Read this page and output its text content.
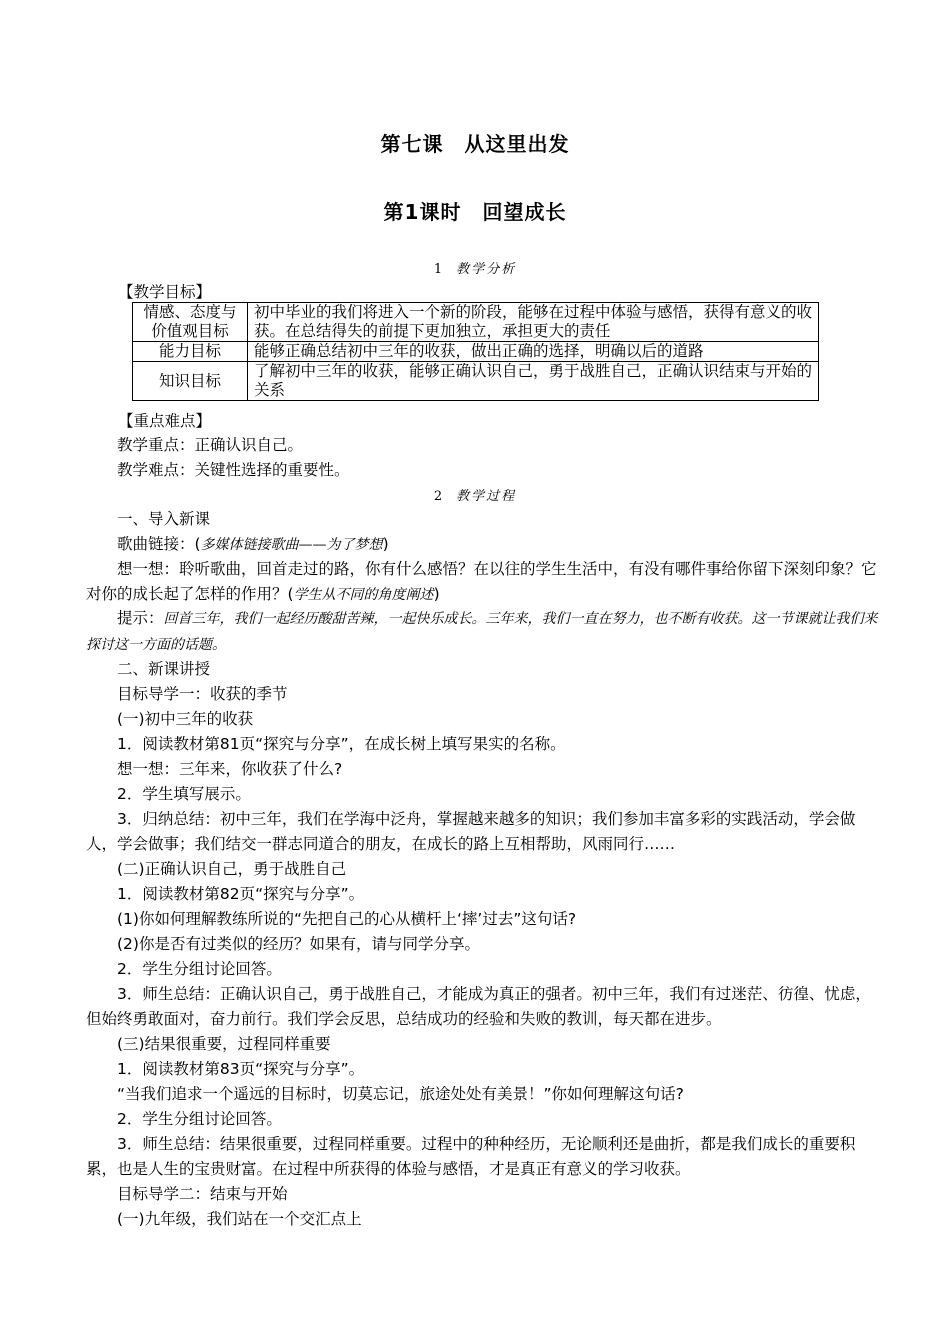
第七课　从这里出发
第1课时　回望成长
1 教学分析
【教学目标】
情感、态度与价值观目标	初中毕业的我们将进入一个新的阶段，能够在过程中体验与感悟，获得有意义的收获。在总结得失的前提下更加独立，承担更大的责任
能力目标	能够正确总结初中三年的收获，做出正确的选择，明确以后的道路
知识目标	了解初中三年的收获，能够正确认识自己，勇于战胜自己，正确认识结束与开始的关系
【重点难点】
教学重点：正确认识自己。
教学难点：关键性选择的重要性。
2 教学过程
一、导入新课
歌曲链接：(多媒体链接歌曲——为了梦想)
想一想：聆听歌曲，回首走过的路，你有什么感悟？在以往的学生生活中，有没有哪件事给你留下深刻印象？它对你的成长起了怎样的作用？(学生从不同的角度阐述)
提示：回首三年，我们一起经历酸甜苦辣，一起快乐成长。三年来，我们一直在努力，也不断有收获。这一节课就让我们来探讨这一方面的话题。
二、新课讲授
目标导学一：收获的季节
(一)初中三年的收获
1．阅读教材第81页“探究与分享”，在成长树上填写果实的名称。
想一想：三年来，你收获了什么?
2．学生填写展示。
3．归纳总结：初中三年，我们在学海中泛舟，掌握越来越多的知识；我们参加丰富多彩的实践活动，学会做人，学会做事；我们结交一群志同道合的朋友，在成长的路上互相帮助，风雨同行……
(二)正确认识自己，勇于战胜自己
1．阅读教材第82页“探究与分享”。
(1)你如何理解教练所说的“先把自己的心从横杆上‘摔’过去”这句话?
(2)你是否有过类似的经历？如果有，请与同学分享。
2．学生分组讨论回答。
3．师生总结：正确认识自己，勇于战胜自己，才能成为真正的强者。初中三年，我们有过迷茫、彷徨、忧虑，但始终勇敢面对，奋力前行。我们学会反思，总结成功的经验和失败的教训，每天都在进步。
(三)结果很重要，过程同样重要
1．阅读教材第83页“探究与分享”。
“当我们追求一个遥远的目标时，切莫忘记，旅途处处有美景！”你如何理解这句话?
2．学生分组讨论回答。
3．师生总结：结果很重要，过程同样重要。过程中的种种经历，无论顺利还是曲折，都是我们成长的重要积累，也是人生的宝贵财富。在过程中所获得的体验与感悟，才是真正有意义的学习收获。
目标导学二：结束与开始
(一)九年级，我们站在一个交汇点上
